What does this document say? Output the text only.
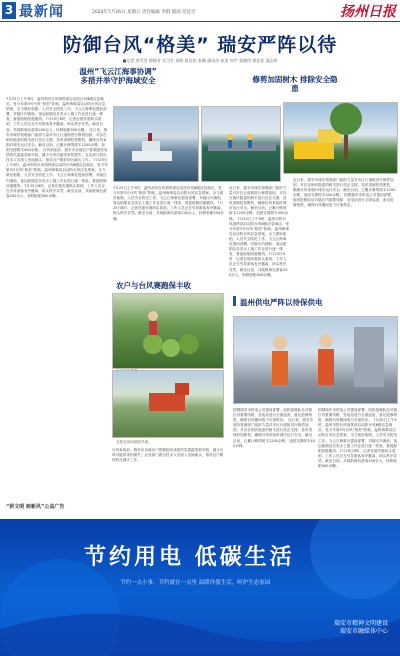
3 最新闻	2024年7月26日 星期五 责任编辑 李群 版面 范征臣	扬州日报
防御台风“格美” 瑞安严阵以待
■记者 余雪莹 徐晓芳 实习生 章辉 陈佳怡 张楠 通讯员 张凌 何宇 张晓伟 徐佳佳 邵志伟
温州“飞云江海事协调”
多措并举守护海域安全	修剪加固树木 排除安全隐患
7月25日上午9时，温州市防台风指挥部启动防台风Ⅲ级应急响应。受今年第3号台风“格美”影响，温州海事局启动防台风应急预案，全力做好船舶、人员安全防范工作。飞云江海事处提前部署，对辖区内渔船、客运船舶及各类水上施工作业进行逐一排查，督促船舶回港避风。7月25日8时，记者在瑞安港码头看到，工作人员正在引导游客有序撤离，码头秩序井然。截至目前，共疏散海岛游客200余人，转移船舶300余艘。 连日来，瑞安市城市管理部门组织力量对市区行道树进行修剪加固，对存在倒伏隐患的树木进行扶正支撑，及时清理枯枝断枝，确保台风来临时城市运行安全。截至目前，已累计修剪树木1200余株，加固支撑树木400余株。 台风来临前，瑞安市各地农户抓紧抢收成熟的瓜果蔬菜和早稻，减少台风可能带来的损失。农业部门派出技术人员深入田间地头，指导农户做好防台减灾工作。 7月25日上午9时，温州市防台风指挥部启动防台风Ⅲ级应急响应。受今年第3号台风“格美”影响，温州海事局启动防台风应急预案，全力做好船舶、人员安全防范工作。飞云江海事处提前部署，对辖区内渔船、客运船舶及各类水上施工作业进行逐一排查，督促船舶回港避风。7月25日8时，记者在瑞安港码头看到，工作人员正在引导游客有序撤离，码头秩序井然。截至目前，共疏散海岛游客200余人，转移船舶300余艘。
7月25日上午9时，温州市防台风指挥部启动防台风Ⅲ级应急响应。受今年第3号台风“格美”影响，温州海事局启动防台风应急预案，全力做好船舶、人员安全防范工作。飞云江海事处提前部署，对辖区内渔船、客运船舶及各类水上施工作业进行逐一排查，督促船舶回港避风。7月25日8时，记者在瑞安港码头看到，工作人员正在引导游客有序撤离，码头秩序井然。截至目前，共疏散海岛游客200余人，转移船舶300余艘。
连日来，瑞安市城市管理部门组织力量对市区行道树进行修剪加固，对存在倒伏隐患的树木进行扶正支撑，及时清理枯枝断枝，确保台风来临时城市运行安全。截至目前，已累计修剪树木1200余株，加固支撑树木400余株。 7月25日上午9时，温州市防台风指挥部启动防台风Ⅲ级应急响应。受今年第3号台风“格美”影响，温州海事局启动防台风应急预案，全力做好船舶、人员安全防范工作。飞云江海事处提前部署，对辖区内渔船、客运船舶及各类水上施工作业进行逐一排查，督促船舶回港避风。7月25日8时，记者在瑞安港码头看到，工作人员正在引导游客有序撤离，码头秩序井然。截至目前，共疏散海岛游客200余人，转移船舶300余艘。
连日来，瑞安市城市管理部门组织力量对市区行道树进行修剪加固，对存在倒伏隐患的树木进行扶正支撑，及时清理枯枝断枝，确保台风来临时城市运行安全。截至目前，已累计修剪树木1200余株，加固支撑树木400余株。 国网瑞安市供电公司提前部署，组织抢修队伍对辖区内重要线路、变电站进行全面巡查，备足抢修物资，确保台风期间电力可靠供应。
农户与台风赛跑保丰收
农机在田间抢收早稻。
台风来临前，瑞安市各地农户抓紧抢收成熟的瓜果蔬菜和早稻，减少台风可能带来的损失。农业部门派出技术人员深入田间地头，指导农户做好防台减灾工作。
温州供电严阵以待保供电
国网瑞安市供电公司提前部署，组织抢修队伍对辖区内重要线路、变电站进行全面巡查，备足抢修物资，确保台风期间电力可靠供应。 连日来，瑞安市城市管理部门组织力量对市区行道树进行修剪加固，对存在倒伏隐患的树木进行扶正支撑，及时清理枯枝断枝，确保台风来临时城市运行安全。截至目前，已累计修剪树木1200余株，加固支撑树木400余株。
国网瑞安市供电公司提前部署，组织抢修队伍对辖区内重要线路、变电站进行全面巡查，备足抢修物资，确保台风期间电力可靠供应。 7月25日上午9时，温州市防台风指挥部启动防台风Ⅲ级应急响应。受今年第3号台风“格美”影响，温州海事局启动防台风应急预案，全力做好船舶、人员安全防范工作。飞云江海事处提前部署，对辖区内渔船、客运船舶及各类水上施工作业进行逐一排查，督促船舶回港避风。7月25日8时，记者在瑞安港码头看到，工作人员正在引导游客有序撤离，码头秩序井然。截至目前，共疏散海岛游客200余人，转移船舶300余艘。
“拼文明 树新风”公益广告
节约用电 低碳生活
节约一点小事，节约就在一点里 温暖你我生活，呵护生态家园
瑞安市精神文明建设
瑞安市融媒体中心
